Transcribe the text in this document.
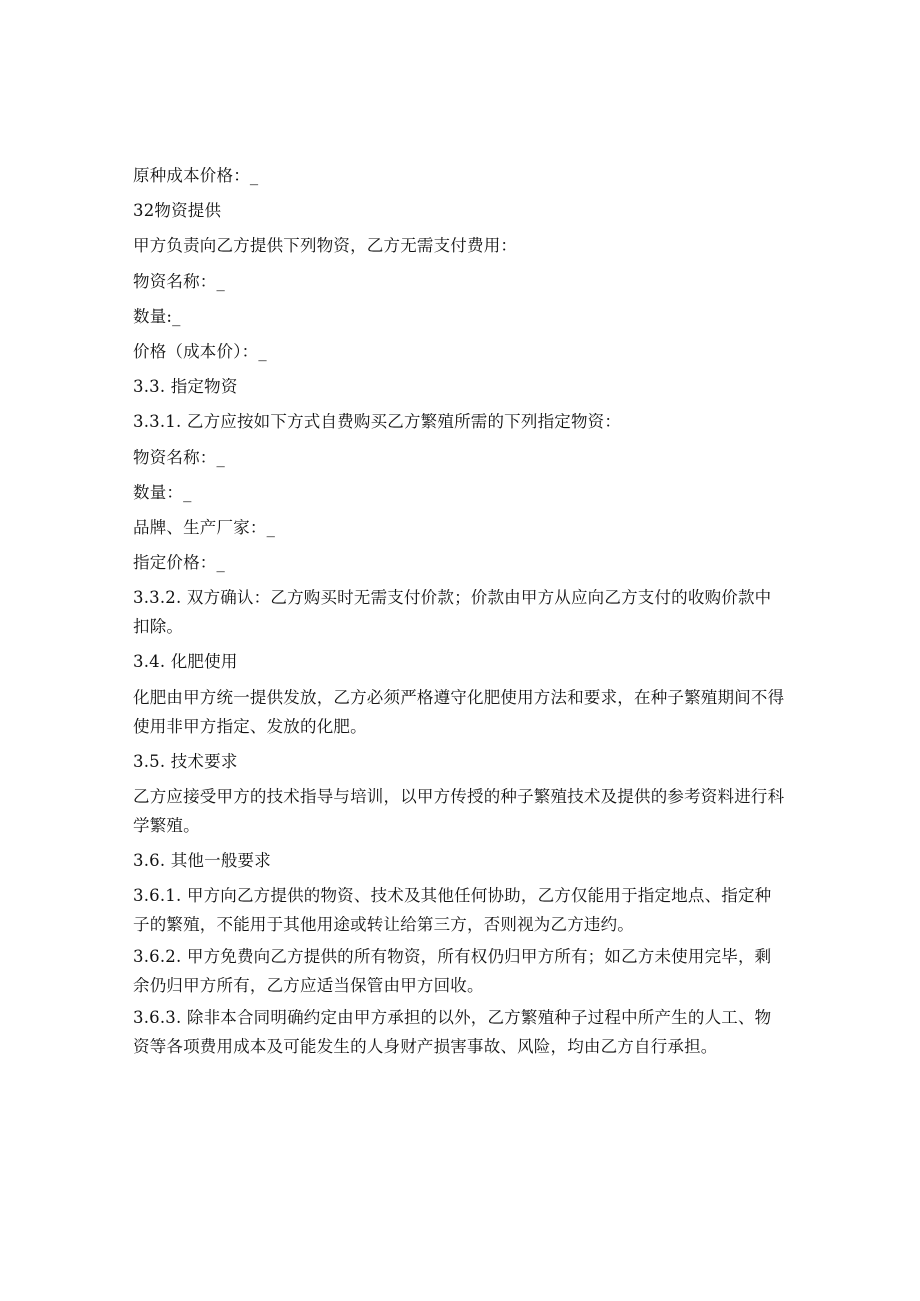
原种成本价格：_

32物资提供

甲方负责向乙方提供下列物资，乙方无需支付费用：

物资名称：_

数量:_

价格（成本价）：_

3.3. 指定物资

3.3.1. 乙方应按如下方式自费购买乙方繁殖所需的下列指定物资：

物资名称：_

数量：_

品牌、生产厂家：_

指定价格：_

3.3.2. 双方确认：乙方购买时无需支付价款；价款由甲方从应向乙方支付的收购价款中扣除。

3.4. 化肥使用

化肥由甲方统一提供发放，乙方必须严格遵守化肥使用方法和要求，在种子繁殖期间不得使用非甲方指定、发放的化肥。

3.5. 技术要求

乙方应接受甲方的技术指导与培训，以甲方传授的种子繁殖技术及提供的参考资料进行科学繁殖。

3.6. 其他一般要求

3.6.1. 甲方向乙方提供的物资、技术及其他任何协助，乙方仅能用于指定地点、指定种子的繁殖，不能用于其他用途或转让给第三方，否则视为乙方违约。

3.6.2. 甲方免费向乙方提供的所有物资，所有权仍归甲方所有；如乙方未使用完毕，剩余仍归甲方所有，乙方应适当保管由甲方回收。

3.6.3. 除非本合同明确约定由甲方承担的以外，乙方繁殖种子过程中所产生的人工、物资等各项费用成本及可能发生的人身财产损害事故、风险，均由乙方自行承担。
